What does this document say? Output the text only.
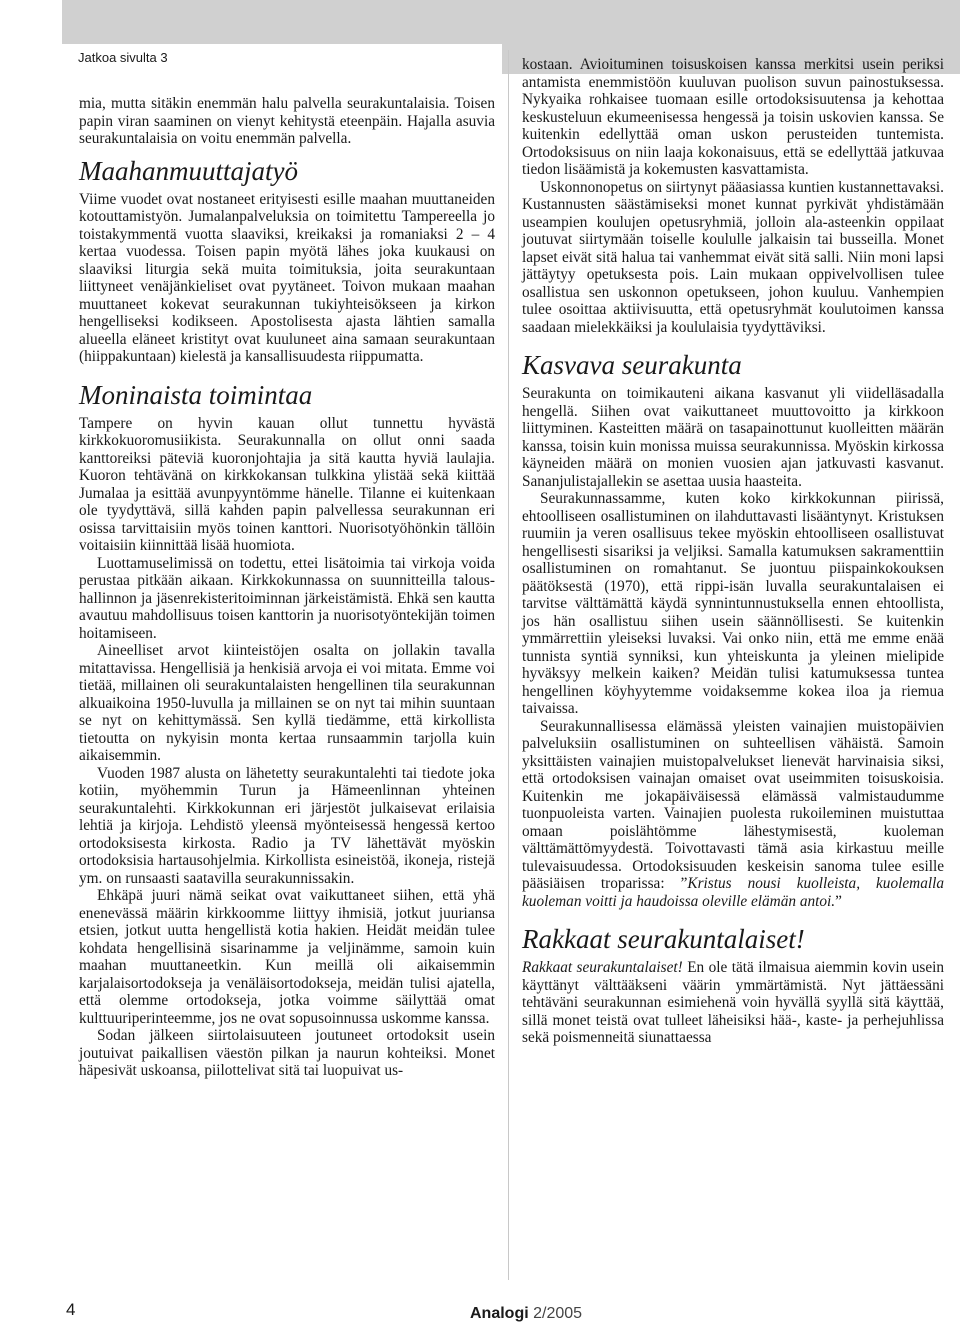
Jatkoa sivulta 3

mia, mutta sitäkin enemmän halu palvella seurakuntalaisia. Toisen papin viran saaminen on vienyt kehitystä eteenpäin. Hajalla asuvia seurakuntalaisia on voitu enemmän palvella.

Maahanmuuttajatyö

Viime vuodet ovat nostaneet erityisesti esille maahan muuttaneiden kotouttamistyön. Jumalanpalveluksia on toimitettu Tampereella jo toistakymmentä vuotta slaaviksi, kreikaksi ja romaniaksi 2 – 4 kertaa vuodessa. Toisen papin myötä lähes joka kuukausi on slaaviksi liturgia sekä muita toimituksia, joita seurakuntaan liittyneet venäjänkieliset ovat pyytäneet. Toivon mukaan maahan muuttaneet kokevat seurakunnan tukiyhteisökseen ja kirkon hengelliseksi kodikseen. Apostolisesta ajasta lähtien samalla alueella eläneet kristityt ovat kuuluneet aina samaan seurakuntaan (hiippakuntaan) kielestä ja kansallisuudesta riippumatta.

Moninaista toimintaa

Tampere on hyvin kauan ollut tunnettu hyvästä kirkkokuoromusiikista. Seurakunnalla on ollut onni saada kanttoreiksi päteviä kuoronjohtajia ja sitä kautta hyviä laulajia. Kuoron tehtävänä on kirkkokansan tulkkina ylistää sekä kiittää Jumalaa ja esittää avunpyyntömme hänelle. Tilanne ei kuitenkaan ole tyydyttävä, sillä kahden papin palvellessa seurakunnan eri osissa tarvittaisiin myös toinen kanttori. Nuorisotyöhönkin tällöin voitaisiin kiinnittää lisää huomiota.

Luottamuselimissä on todettu, ettei lisätoimia tai virkoja voida perustaa pitkään aikaan. Kirkkokunnassa on suunnitteilla taloushallinnon ja jäsenrekisteritoiminnan järkeistämistä. Ehkä sen kautta avautuu mahdollisuus toisen kanttorin ja nuorisotyöntekijän toimen hoitamiseen.

Aineelliset arvot kiinteistöjen osalta on jollakin tavalla mitattavissa. Hengellisiä ja henkisiä arvoja ei voi mitata. Emme voi tietää, millainen oli seurakuntalaisten hengellinen tila seurakunnan alkuaikoina 1950-luvulla ja millainen se on nyt tai mihin suuntaan se nyt on kehittymässä. Sen kyllä tiedämme, että kirkollista tietoutta on nykyisin monta kertaa runsaammin tarjolla kuin aikaisemmin.

Vuoden 1987 alusta on lähetetty seurakuntalehti tai tiedote joka kotiin, myöhemmin Turun ja Hämeenlinnan yhteinen seurakuntalehti. Kirkkokunnan eri järjestöt julkaisevat erilaisia lehtiä ja kirjoja. Lehdistö yleensä myönteisessä hengessä kertoo ortodoksisesta kirkosta. Radio ja TV lähettävät myöskin ortodoksisia hartausohjelmia. Kirkollista esineistöä, ikoneja, ristejä ym. on runsaasti saatavilla seurakunnissakin.

Ehkäpä juuri nämä seikat ovat vaikuttaneet siihen, että yhä enenevässä määrin kirkkoomme liittyy ihmisiä, jotkut juuriansa etsien, jotkut uutta hengellistä kotia hakien. Heidät meidän tulee kohdata hengellisinä sisarinamme ja veljinämme, samoin kuin maahan muuttaneetkin. Kun meillä oli aikaisemmin karjalaisortodokseja ja venäläisortodokseja, meidän tulisi ajatella, että olemme ortodokseja, jotka voimme säilyttää omat kulttuuriperinteemme, jos ne ovat sopusoinnussa uskomme kanssa.

Sodan jälkeen siirtolaisuuteen joutuneet ortodoksit usein joutuivat paikallisen väestön pilkan ja naurun kohteiksi. Monet häpesivät uskoansa, piilottelivat sitä tai luopuivat us-

kostaan. Avioituminen toisuskoisen kanssa merkitsi usein periksi antamista enemmistöön kuuluvan puolison suvun painostuksessa. Nykyaika rohkaisee tuomaan esille ortodoksisuutensa ja kehottaa keskusteluun ekumeenisessa hengessä ja toisin uskovien kanssa. Se kuitenkin edellyttää oman uskon perusteiden tuntemista. Ortodoksisuus on niin laaja kokonaisuus, että se edellyttää jatkuvaa tiedon lisäämistä ja kokemusten kasvattamista.

Uskonnonopetus on siirtynyt pääasiassa kuntien kustannettavaksi. Kustannusten säästämiseksi monet kunnat pyrkivät yhdistämään useampien koulujen opetusryhmiä, jolloin ala-asteenkin oppilaat joutuvat siirtymään toiselle koululle jalkaisin tai busseilla. Monet lapset eivät sitä halua tai vanhemmat eivät sitä salli. Niin moni lapsi jättäytyy opetuksesta pois. Lain mukaan oppivelvollisen tulee osallistua sen uskonnon opetukseen, johon kuuluu. Vanhempien tulee osoittaa aktiivisuutta, että opetusryhmät koulutoimen kanssa saadaan mielekkäiksi ja koululaisia tyydyttäviksi.

Kasvava seurakunta

Seurakunta on toimikauteni aikana kasvanut yli viidelläsadalla hengellä. Siihen ovat vaikuttaneet muuttovoitto ja kirkkoon liittyminen. Kasteitten määrä on tasapainottunut kuolleitten määrän kanssa, toisin kuin monissa muissa seurakunnissa. Myöskin kirkossa käyneiden määrä on monien vuosien ajan jatkuvasti kasvanut. Sananjulistajallekin se asettaa uusia haasteita.

Seurakunnassamme, kuten koko kirkkokunnan piirissä, ehtoolliseen osallistuminen on ilahduttavasti lisääntynyt. Kristuksen ruumiin ja veren osallisuus tekee myöskin ehtoolliseen osallistuvat hengellisesti sisariksi ja veljiksi. Samalla katumuksen sakramenttiin osallistuminen on romahtanut. Se juontuu piispainkokouksen päätöksestä (1970), että rippi-isän luvalla seurakuntalaisen ei tarvitse välttämättä käydä synnintunnustuksella ennen ehtoollista, jos hän osallistuu siihen usein säännöllisesti. Se kuitenkin ymmärrettiin yleiseksi luvaksi. Vai onko niin, että me emme enää tunnista syntiä synniksi, kun yhteiskunta ja yleinen mielipide hyväksyy melkein kaiken? Meidän tulisi katumuksessa tuntea hengellinen köyhyytemme voidaksemme kokea iloa ja riemua taivaissa.

Seurakunnallisessa elämässä yleisten vainajien muistopäivien palveluksiin osallistuminen on suhteellisen vähäistä. Samoin yksittäisten vainajien muistopalvelukset lienevät harvinaisia siksi, että ortodoksisen vainajan omaiset ovat useimmiten toisuskoisia. Kuitenkin me jokapäiväisessä elämässä valmistaudumme tuonpuoleista varten. Vainajien puolesta rukoileminen muistuttaa omaan poislähtömme lähestymisestä, kuoleman välttämättömyydestä. Toivottavasti tämä asia kirkastuu meille tulevaisuudessa. Ortodoksisuuden keskeisin sanoma tulee esille pääsiäisen troparissa: ”Kristus nousi kuolleista, kuolemalla kuoleman voitti ja haudoissa oleville elämän antoi.”

Rakkaat seurakuntalaiset!

Rakkaat seurakuntalaiset! En ole tätä ilmaisua aiemmin kovin usein käyttänyt välttääkseni väärin ymmärtämistä. Nyt jättäessäni tehtäväni seurakunnan esimiehenä voin hyvällä syyllä sitä käyttää, sillä monet teistä ovat tulleet läheisiksi hää-, kaste- ja perhejuhlissa sekä poismenneitä siunattaessa

4	Analogi 2/2005
